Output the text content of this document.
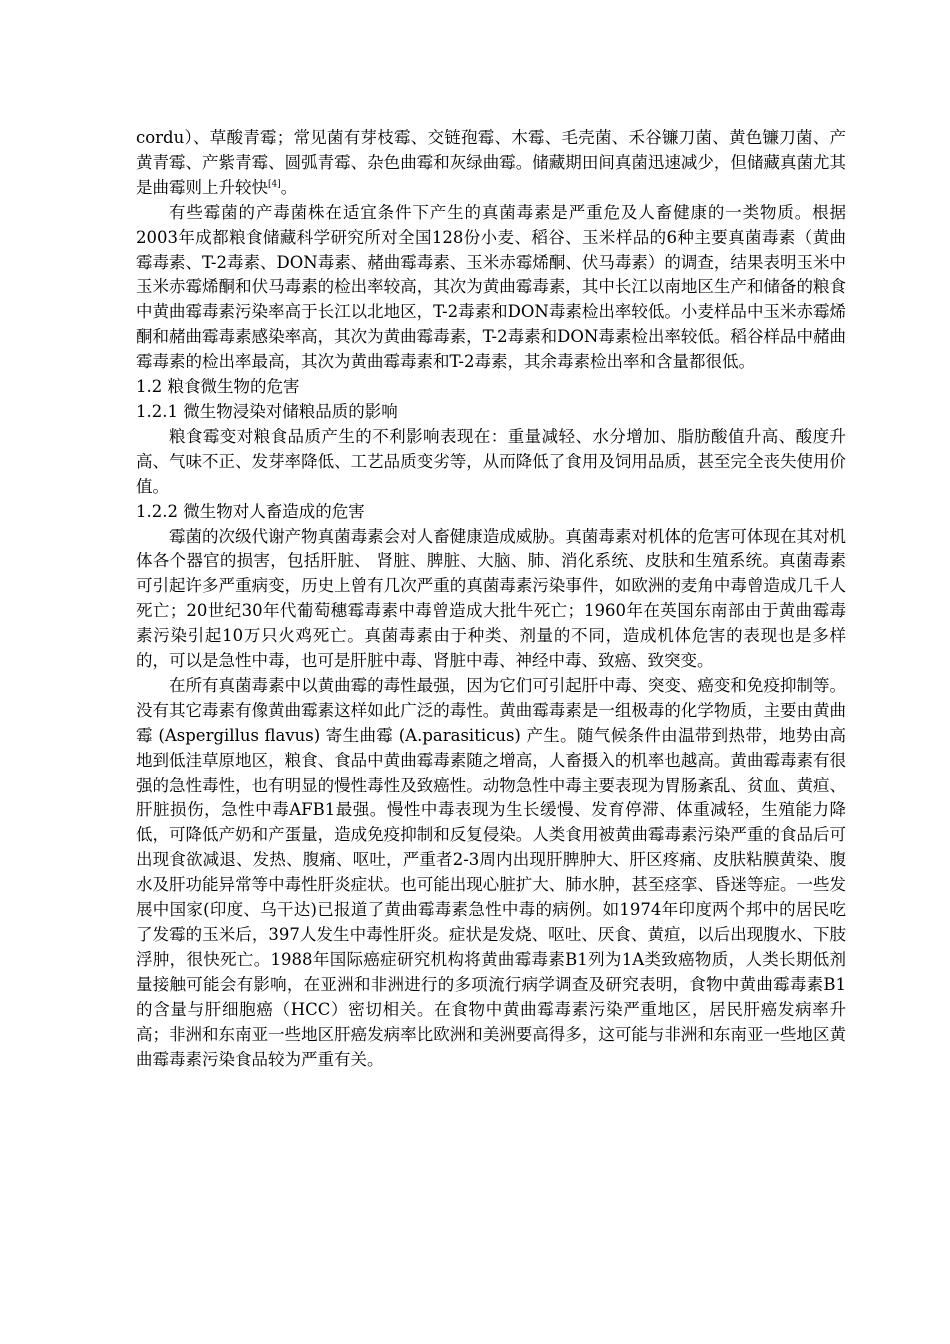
cordu）、草酸青霉；常见菌有芽枝霉、交链孢霉、木霉、毛壳菌、禾谷镰刀菌、黄色镰刀菌、产黄青霉、产紫青霉、圆弧青霉、杂色曲霉和灰绿曲霉。储藏期田间真菌迅速减少，但储藏真菌尤其是曲霉则上升较快[4]。

有些霉菌的产毒菌株在适宜条件下产生的真菌毒素是严重危及人畜健康的一类物质。根据2003年成都粮食储藏科学研究所对全国128份小麦、稻谷、玉米样品的6种主要真菌毒素（黄曲霉毒素、T-2毒素、DON毒素、赭曲霉毒素、玉米赤霉烯酮、伏马毒素）的调查，结果表明玉米中玉米赤霉烯酮和伏马毒素的检出率较高，其次为黄曲霉毒素，其中长江以南地区生产和储备的粮食中黄曲霉毒素污染率高于长江以北地区，T-2毒素和DON毒素检出率较低。小麦样品中玉米赤霉烯酮和赭曲霉毒素感染率高，其次为黄曲霉毒素，T-2毒素和DON毒素检出率较低。稻谷样品中赭曲霉毒素的检出率最高，其次为黄曲霉毒素和T-2毒素，其余毒素检出率和含量都很低。

1.2 粮食微生物的危害

1.2.1 微生物浸染对储粮品质的影响

粮食霉变对粮食品质产生的不利影响表现在：重量减轻、水分增加、脂肪酸值升高、酸度升高、气味不正、发芽率降低、工艺品质变劣等，从而降低了食用及饲用品质，甚至完全丧失使用价值。

1.2.2 微生物对人畜造成的危害

霉菌的次级代谢产物真菌毒素会对人畜健康造成威胁。真菌毒素对机体的危害可体现在其对机体各个器官的损害，包括肝脏、 肾脏、脾脏、大脑、肺、消化系统、皮肤和生殖系统。真菌毒素可引起许多严重病变，历史上曾有几次严重的真菌毒素污染事件，如欧洲的麦角中毒曾造成几千人死亡；20世纪30年代葡萄穗霉毒素中毒曾造成大批牛死亡；1960年在英国东南部由于黄曲霉毒素污染引起10万只火鸡死亡。真菌毒素由于种类、剂量的不同，造成机体危害的表现也是多样的，可以是急性中毒，也可是肝脏中毒、肾脏中毒、神经中毒、致癌、致突变。

在所有真菌毒素中以黄曲霉的毒性最强，因为它们可引起肝中毒、突变、癌变和免疫抑制等。没有其它毒素有像黄曲霉素这样如此广泛的毒性。黄曲霉毒素是一组极毒的化学物质，主要由黄曲霉 (Aspergillus flavus) 寄生曲霉 (A.parasiticus) 产生。随气候条件由温带到热带，地势由高地到低洼草原地区，粮食、食品中黄曲霉毒素随之增高，人畜摄入的机率也越高。黄曲霉毒素有很强的急性毒性，也有明显的慢性毒性及致癌性。动物急性中毒主要表现为胃肠紊乱、贫血、黄疸、肝脏损伤，急性中毒AFB1最强。慢性中毒表现为生长缓慢、发育停滞、体重减轻，生殖能力降低，可降低产奶和产蛋量，造成免疫抑制和反复侵染。人类食用被黄曲霉毒素污染严重的食品后可出现食欲减退、发热、腹痛、呕吐，严重者2-3周内出现肝脾肿大、肝区疼痛、皮肤粘膜黄染、腹水及肝功能异常等中毒性肝炎症状。也可能出现心脏扩大、肺水肿，甚至痉挛、昏迷等症。一些发展中国家(印度、乌干达)已报道了黄曲霉毒素急性中毒的病例。如1974年印度两个邦中的居民吃了发霉的玉米后，397人发生中毒性肝炎。症状是发烧、呕吐、厌食、黄疸，以后出现腹水、下肢浮肿，很快死亡。1988年国际癌症研究机构将黄曲霉毒素B1列为1A类致癌物质，人类长期低剂量接触可能会有影响，在亚洲和非洲进行的多项流行病学调查及研究表明，食物中黄曲霉毒素B1的含量与肝细胞癌（HCC）密切相关。在食物中黄曲霉毒素污染严重地区，居民肝癌发病率升高；非洲和东南亚一些地区肝癌发病率比欧洲和美洲要高得多，这可能与非洲和东南亚一些地区黄曲霉毒素污染食品较为严重有关。
